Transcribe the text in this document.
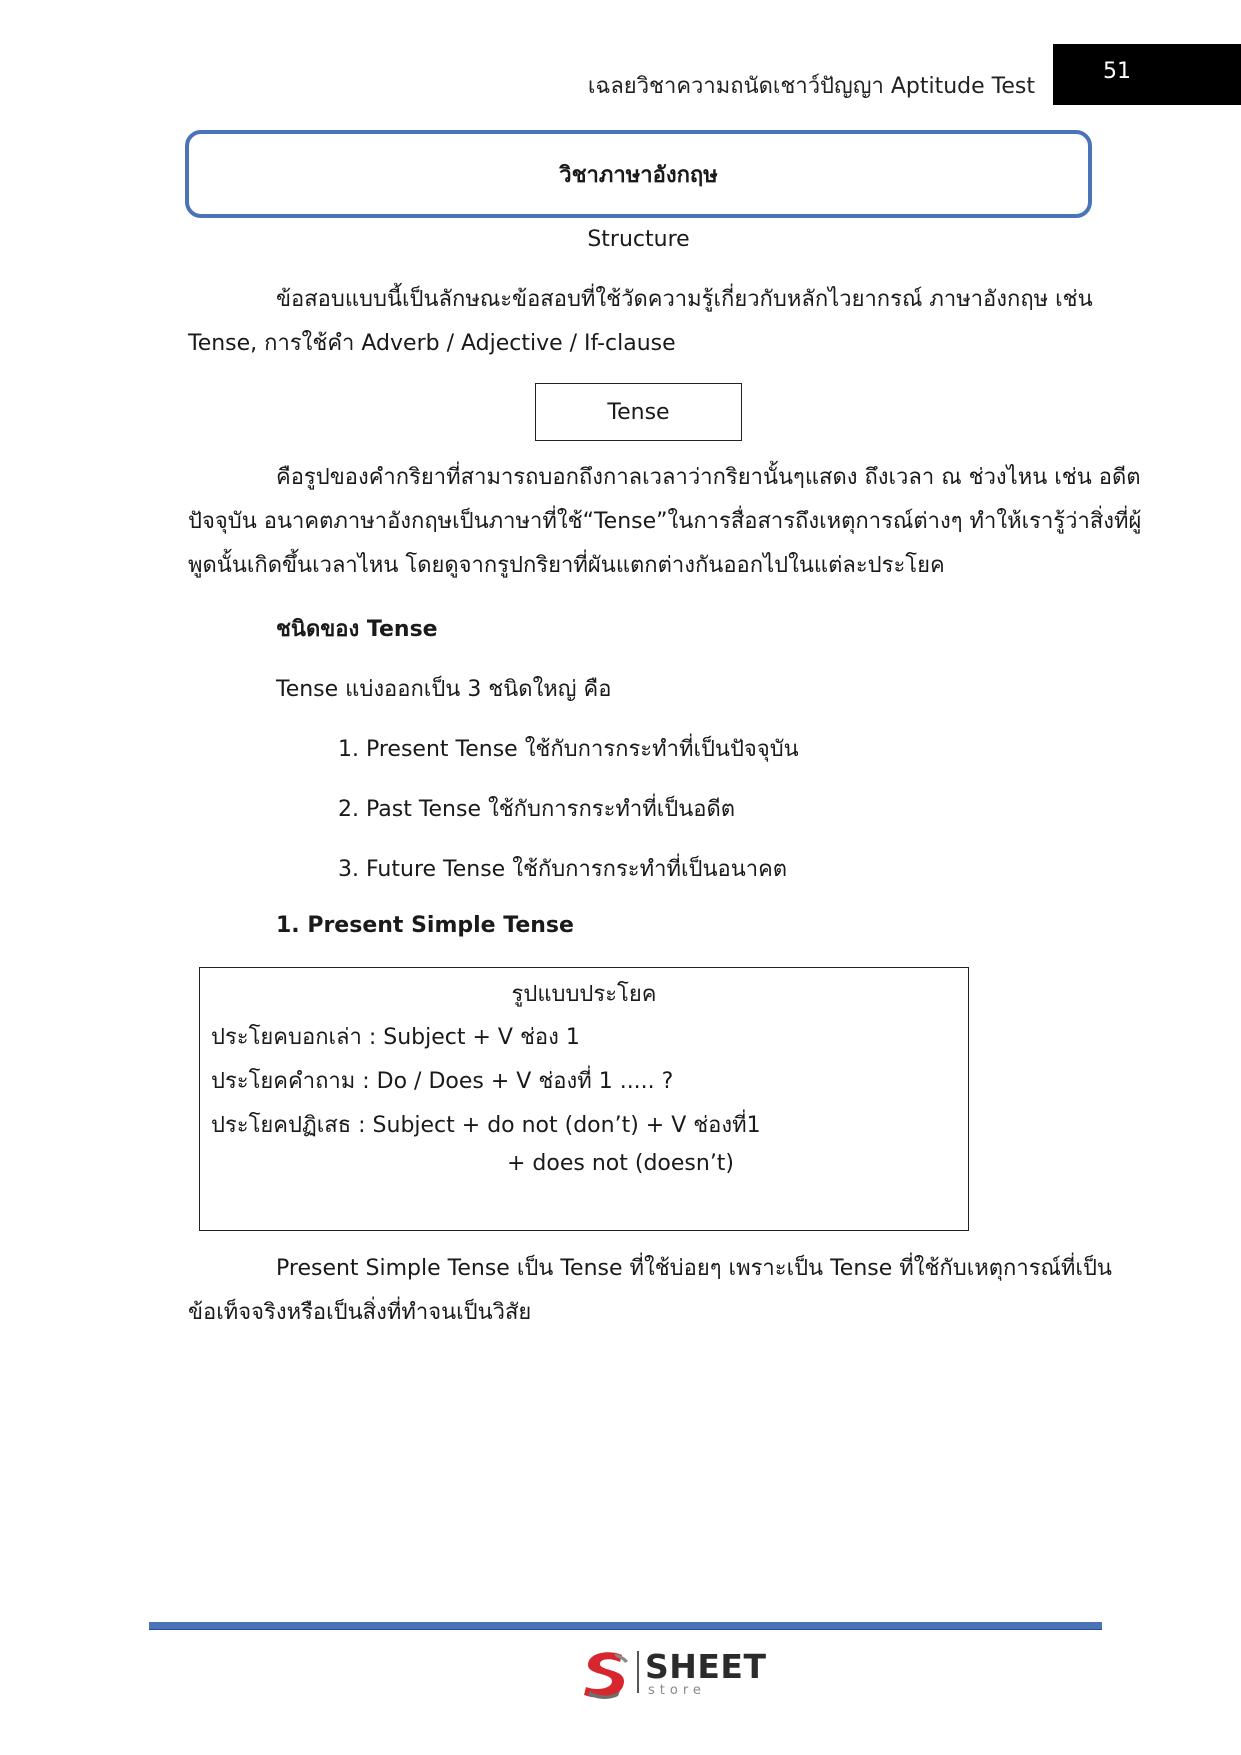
เฉลยวิชาความถนัดเชาว์ปัญญา Aptitude Test
51
วิชาภาษาอังกฤษ
Structure
ข้อสอบแบบนี้เป็นลักษณะข้อสอบที่ใช้วัดความรู้เกี่ยวกับหลักไวยากรณ์ ภาษาอังกฤษ เช่น
Tense, การใช้คำ Adverb / Adjective / If-clause
Tense
คือรูปของคำกริยาที่สามารถบอกถึงกาลเวลาว่ากริยานั้นๆแสดง ถึงเวลา ณ ช่วงไหน เช่น อดีต
ปัจจุบัน อนาคตภาษาอังกฤษเป็นภาษาที่ใช้“Tense”ในการสื่อสารถึงเหตุการณ์ต่างๆ ทำให้เรารู้ว่าสิ่งที่ผู้
พูดนั้นเกิดขึ้นเวลาไหน โดยดูจากรูปกริยาที่ผันแตกต่างกันออกไปในแต่ละประโยค
ชนิดของ Tense
Tense แบ่งออกเป็น 3 ชนิดใหญ่ คือ
1. Present Tense ใช้กับการกระทำที่เป็นปัจจุบัน
2. Past Tense ใช้กับการกระทำที่เป็นอดีต
3. Future Tense ใช้กับการกระทำที่เป็นอนาคต
1. Present Simple Tense
รูปแบบประโยค
ประโยคบอกเล่า : Subject + V ช่อง 1
ประโยคคำถาม : Do / Does + V ช่องที่ 1 ..... ?
ประโยคปฏิเสธ : Subject + do not (don’t) + V ช่องที่1
+ does not (doesn’t)
Present Simple Tense เป็น Tense ที่ใช้บ่อยๆ เพราะเป็น Tense ที่ใช้กับเหตุการณ์ที่เป็น
ข้อเท็จจริงหรือเป็นสิ่งที่ทำจนเป็นวิสัย
SHEET
store
